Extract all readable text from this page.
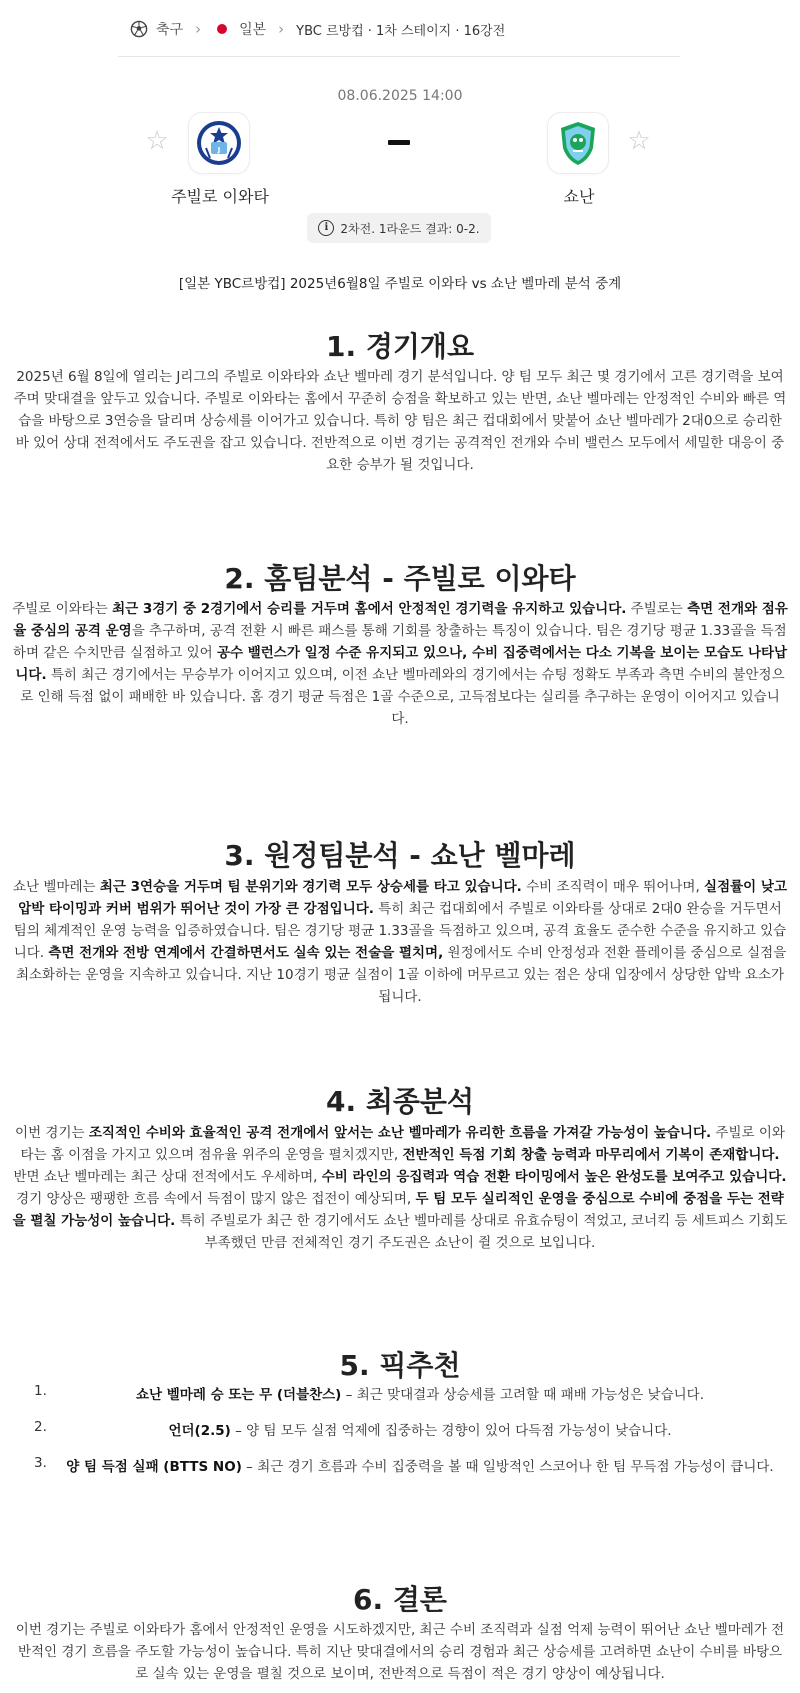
축구 ›	일본 › YBC 르방컵 · 1차 스테이지 · 16강전
08.06.2025 14:00
☆	J	☆
주빌로 이와타	쇼난
i	2차전. 1라운드 결과: 0-2.
[일본 YBC르방컵] 2025년6월8일 주빌로 이와타 vs 쇼난 벨마레 분석 중계
1. 경기개요

2025년 6월 8일에 열리는 J리그의 주빌로 이와타와 쇼난 벨마레 경기 분석입니다. 양 팀 모두 최근 몇 경기에서 고른 경기력을 보여주며 맞대결을 앞두고 있습니다. 주빌로 이와타는 홈에서 꾸준히 승점을 확보하고 있는 반면, 쇼난 벨마레는 안정적인 수비와 빠른 역습을 바탕으로 3연승을 달리며 상승세를 이어가고 있습니다. 특히 양 팀은 최근 컵대회에서 맞붙어 쇼난 벨마레가 2대0으로 승리한 바 있어 상대 전적에서도 주도권을 잡고 있습니다. 전반적으로 이번 경기는 공격적인 전개와 수비 밸런스 모두에서 세밀한 대응이 중요한 승부가 될 것입니다.

2. 홈팀분석 - 주빌로 이와타

주빌로 이와타는 최근 3경기 중 2경기에서 승리를 거두며 홈에서 안정적인 경기력을 유지하고 있습니다. 주빌로는 측면 전개와 점유율 중심의 공격 운영을 추구하며, 공격 전환 시 빠른 패스를 통해 기회를 창출하는 특징이 있습니다. 팀은 경기당 평균 1.33골을 득점하며 같은 수치만큼 실점하고 있어 공수 밸런스가 일정 수준 유지되고 있으나, 수비 집중력에서는 다소 기복을 보이는 모습도 나타납니다. 특히 최근 경기에서는 무승부가 이어지고 있으며, 이전 쇼난 벨마레와의 경기에서는 슈팅 정확도 부족과 측면 수비의 불안정으로 인해 득점 없이 패배한 바 있습니다. 홈 경기 평균 득점은 1골 수준으로, 고득점보다는 실리를 추구하는 운영이 이어지고 있습니다.

3. 원정팀분석 - 쇼난 벨마레

쇼난 벨마레는 최근 3연승을 거두며 팀 분위기와 경기력 모두 상승세를 타고 있습니다. 수비 조직력이 매우 뛰어나며, 실점률이 낮고 압박 타이밍과 커버 범위가 뛰어난 것이 가장 큰 강점입니다. 특히 최근 컵대회에서 주빌로 이와타를 상대로 2대0 완승을 거두면서 팀의 체계적인 운영 능력을 입증하였습니다. 팀은 경기당 평균 1.33골을 득점하고 있으며, 공격 효율도 준수한 수준을 유지하고 있습니다. 측면 전개와 전방 연계에서 간결하면서도 실속 있는 전술을 펼치며, 원정에서도 수비 안정성과 전환 플레이를 중심으로 실점을 최소화하는 운영을 지속하고 있습니다. 지난 10경기 평균 실점이 1골 이하에 머무르고 있는 점은 상대 입장에서 상당한 압박 요소가 됩니다.

4. 최종분석

이번 경기는 조직적인 수비와 효율적인 공격 전개에서 앞서는 쇼난 벨마레가 유리한 흐름을 가져갈 가능성이 높습니다. 주빌로 이와타는 홈 이점을 가지고 있으며 점유율 위주의 운영을 펼치겠지만, 전반적인 득점 기회 창출 능력과 마무리에서 기복이 존재합니다. 반면 쇼난 벨마레는 최근 상대 전적에서도 우세하며, 수비 라인의 응집력과 역습 전환 타이밍에서 높은 완성도를 보여주고 있습니다. 경기 양상은 팽팽한 흐름 속에서 득점이 많지 않은 접전이 예상되며, 두 팀 모두 실리적인 운영을 중심으로 수비에 중점을 두는 전략을 펼칠 가능성이 높습니다. 특히 주빌로가 최근 한 경기에서도 쇼난 벨마레를 상대로 유효슈팅이 적었고, 코너킥 등 세트피스 기회도 부족했던 만큼 전체적인 경기 주도권은 쇼난이 쥘 것으로 보입니다.

5. 픽추천
1.	쇼난 벨마레 승 또는 무 (더블찬스) – 최근 맞대결과 상승세를 고려할 때 패배 가능성은 낮습니다.
2.	언더(2.5) – 양 팀 모두 실점 억제에 집중하는 경향이 있어 다득점 가능성이 낮습니다.
3.	양 팀 득점 실패 (BTTS NO) – 최근 경기 흐름과 수비 집중력을 볼 때 일방적인 스코어나 한 팀 무득점 가능성이 큽니다.
6. 결론

이번 경기는 주빌로 이와타가 홈에서 안정적인 운영을 시도하겠지만, 최근 수비 조직력과 실점 억제 능력이 뛰어난 쇼난 벨마레가 전반적인 경기 흐름을 주도할 가능성이 높습니다. 특히 지난 맞대결에서의 승리 경험과 최근 상승세를 고려하면 쇼난이 수비를 바탕으로 실속 있는 운영을 펼칠 것으로 보이며, 전반적으로 득점이 적은 경기 양상이 예상됩니다.
